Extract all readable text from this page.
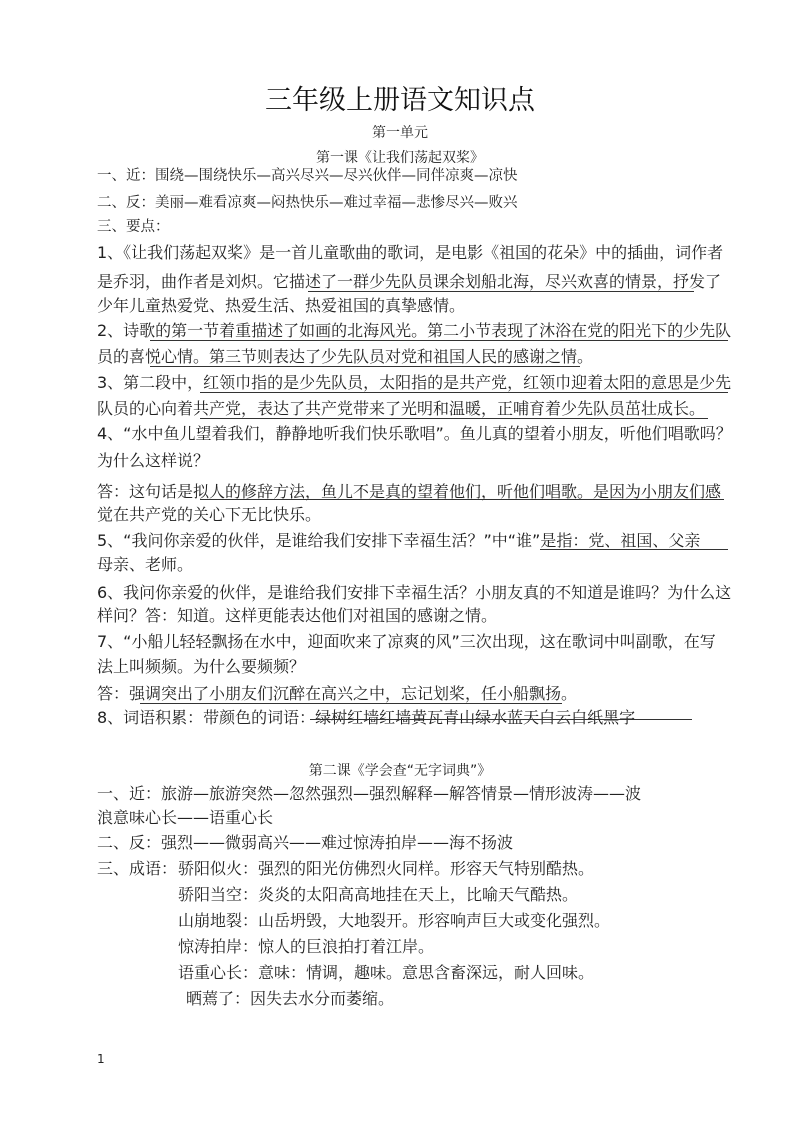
三年级上册语文知识点
第一单元
第一课《让我们荡起双桨》
一、近：围绕—围绕快乐—高兴尽兴—尽兴伙伴—同伴凉爽—凉快
二、反：美丽—难看凉爽—闷热快乐—难过幸福—悲惨尽兴—败兴
三、要点：
1、《让我们荡起双桨》是一首儿童歌曲的歌词，是电影《祖国的花朵》中的插曲，词作者
是乔羽，曲作者是刘炽。它描述了一群少先队员课余划船北海，尽兴欢喜的情景，抒发了
少年儿童热爱党、热爱生活、热爱祖国的真挚感情。
2、诗歌的第一节着重描述了如画的北海风光。第二小节表现了沐浴在党的阳光下的少先队
员的喜悦心情。第三节则表达了少先队员对党和祖国人民的感谢之情。
3、第二段中，红领巾指的是少先队员，太阳指的是共产党，红领巾迎着太阳的意思是少先
队员的心向着共产党，表达了共产党带来了光明和温暖，正哺育着少先队员茁壮成长。
4、“水中鱼儿望着我们，静静地听我们快乐歌唱”。鱼儿真的望着小朋友，听他们唱歌吗？
为什么这样说？
答：这句话是拟人的修辞方法，鱼儿不是真的望着他们，听他们唱歌。是因为小朋友们感
觉在共产党的关心下无比快乐。
5、“我问你亲爱的伙伴，是谁给我们安排下幸福生活？”中“谁”是指：党、祖国、父亲
母亲、老师。
6、我问你亲爱的伙伴，是谁给我们安排下幸福生活？小朋友真的不知道是谁吗？为什么这
样问？答：知道。这样更能表达他们对祖国的感谢之情。
7、“小船儿轻轻飘扬在水中，迎面吹来了凉爽的风”三次出现，这在歌词中叫副歌，在写
法上叫频频。为什么要频频？
答：强调突出了小朋友们沉醉在高兴之中，忘记划桨，任小船飘扬。
8、词语积累：带颜色的词语：绿树红墙红墙黄瓦青山绿水蓝天白云白纸黑字
第二课《学会查“无字词典”》
一、近：旅游—旅游突然—忽然强烈—强烈解释—解答情景—情形波涛——波
浪意味心长——语重心长
二、反：强烈——微弱高兴——难过惊涛拍岸——海不扬波
三、成语： 骄阳似火：强烈的阳光仿佛烈火同样。形容天气特别酷热。
骄阳当空：炎炎的太阳高高地挂在天上，比喻天气酷热。
山崩地裂：山岳坍毁，大地裂开。形容响声巨大或变化强烈。
惊涛拍岸：惊人的巨浪拍打着江岸。
语重心长：意味：情调，趣味。意思含畜深远，耐人回味。
晒蔫了：因失去水分而萎缩。
1
